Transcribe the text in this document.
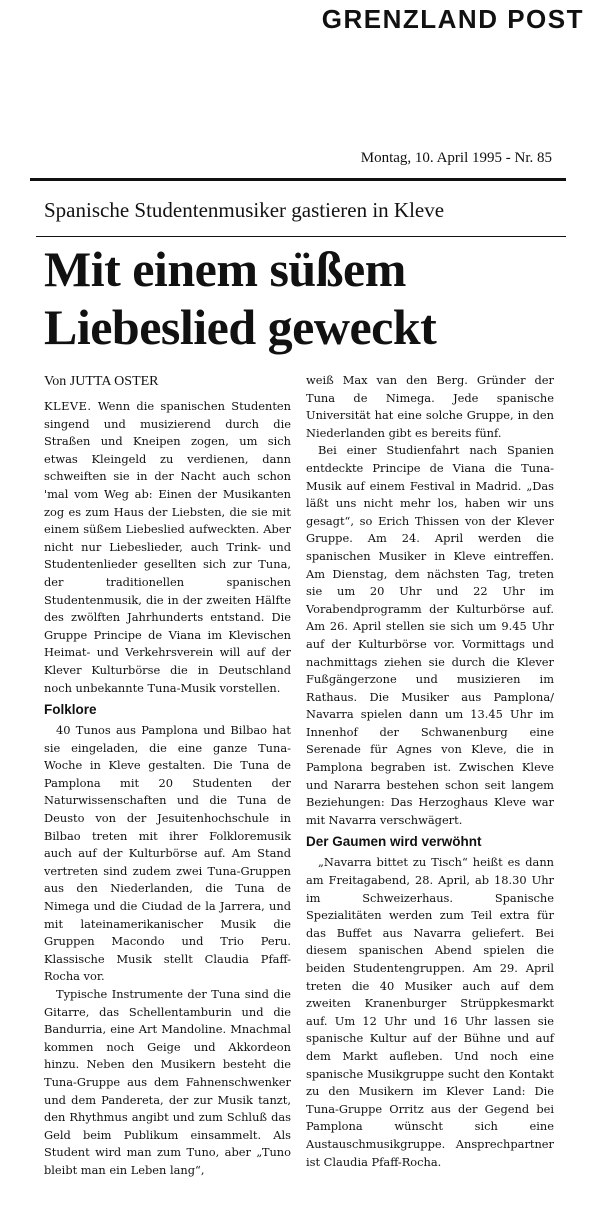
GRENZLAND POST
Montag, 10. April 1995 - Nr. 85
Spanische Studentenmusiker gastieren in Kleve
Mit einem süßem
Liebeslied geweckt
Von JUTTA OSTER

KLEVE. Wenn die spanischen Studenten singend und musizierend durch die Straßen und Kneipen zogen, um sich etwas Kleingeld zu verdienen, dann schweiften sie in der Nacht auch schon 'mal vom Weg ab: Einen der Musikanten zog es zum Haus der Liebsten, die sie mit einem süßem Liebeslied aufweckten. Aber nicht nur Liebeslieder, auch Trink- und Studentenlieder gesellten sich zur Tuna, der traditionellen spanischen Studentenmusik, die in der zweiten Hälfte des zwölften Jahrhunderts entstand. Die Gruppe Principe de Viana im Klevischen Heimat- und Verkehrsverein will auf der Klever Kulturbörse die in Deutschland noch unbekannte Tuna-Musik vorstellen.

Folklore

40 Tunos aus Pamplona und Bilbao hat sie eingeladen, die eine ganze Tuna-Woche in Kleve gestalten. Die Tuna de Pamplona mit 20 Studenten der Naturwissenschaften und die Tuna de Deusto von der Jesuitenhochschule in Bilbao treten mit ihrer Folkloremusik auch auf der Kulturbörse auf. Am Stand vertreten sind zudem zwei Tuna-Gruppen aus den Niederlanden, die Tuna de Nimega und die Ciudad de la Jarrera, und mit lateinamerikanischer Musik die Gruppen Macondo und Trio Peru. Klassische Musik stellt Claudia Pfaff-Rocha vor.

Typische Instrumente der Tuna sind die Gitarre, das Schellentamburin und die Bandurria, eine Art Mandoline. Mnachmal kommen noch Geige und Akkordeon hinzu. Neben den Musikern besteht die Tuna-Gruppe aus dem Fahnenschwenker und dem Pandereta, der zur Musik tanzt, den Rhythmus angibt und zum Schluß das Geld beim Publikum einsammelt. Als Student wird man zum Tuno, aber „Tuno bleibt man ein Leben lang“,

weiß Max van den Berg. Gründer der Tuna de Nimega. Jede spanische Universität hat eine solche Gruppe, in den Niederlanden gibt es bereits fünf.

Bei einer Studienfahrt nach Spanien entdeckte Principe de Viana die Tuna-Musik auf einem Festival in Madrid. „Das läßt uns nicht mehr los, haben wir uns gesagt“, so Erich Thissen von der Klever Gruppe. Am 24. April werden die spanischen Musiker in Kleve eintreffen. Am Dienstag, dem nächsten Tag, treten sie um 20 Uhr und 22 Uhr im Vorabendprogramm der Kulturbörse auf. Am 26. April stellen sie sich um 9.45 Uhr auf der Kulturbörse vor. Vormittags und nachmittags ziehen sie durch die Klever Fußgängerzone und musizieren im Rathaus. Die Musiker aus Pamplona/ Navarra spielen dann um 13.45 Uhr im Innenhof der Schwanenburg eine Serenade für Agnes von Kleve, die in Pamplona begraben ist. Zwischen Kleve und Nararra bestehen schon seit langem Beziehungen: Das Herzoghaus Kleve war mit Navarra verschwägert.

Der Gaumen wird verwöhnt

„Navarra bittet zu Tisch“ heißt es dann am Freitagabend, 28. April, ab 18.30 Uhr im Schweizerhaus. Spanische Spezialitäten werden zum Teil extra für das Buffet aus Navarra geliefert. Bei diesem spanischen Abend spielen die beiden Studentengruppen. Am 29. April treten die 40 Musiker auch auf dem zweiten Kranenburger Strüppkesmarkt auf. Um 12 Uhr und 16 Uhr lassen sie spanische Kultur auf der Bühne und auf dem Markt aufleben. Und noch eine spanische Musikgruppe sucht den Kontakt zu den Musikern im Klever Land: Die Tuna-Gruppe Orritz aus der Gegend bei Pamplona wünscht sich eine Austauschmusikgruppe. Ansprechpartner ist Claudia Pfaff-Rocha.
